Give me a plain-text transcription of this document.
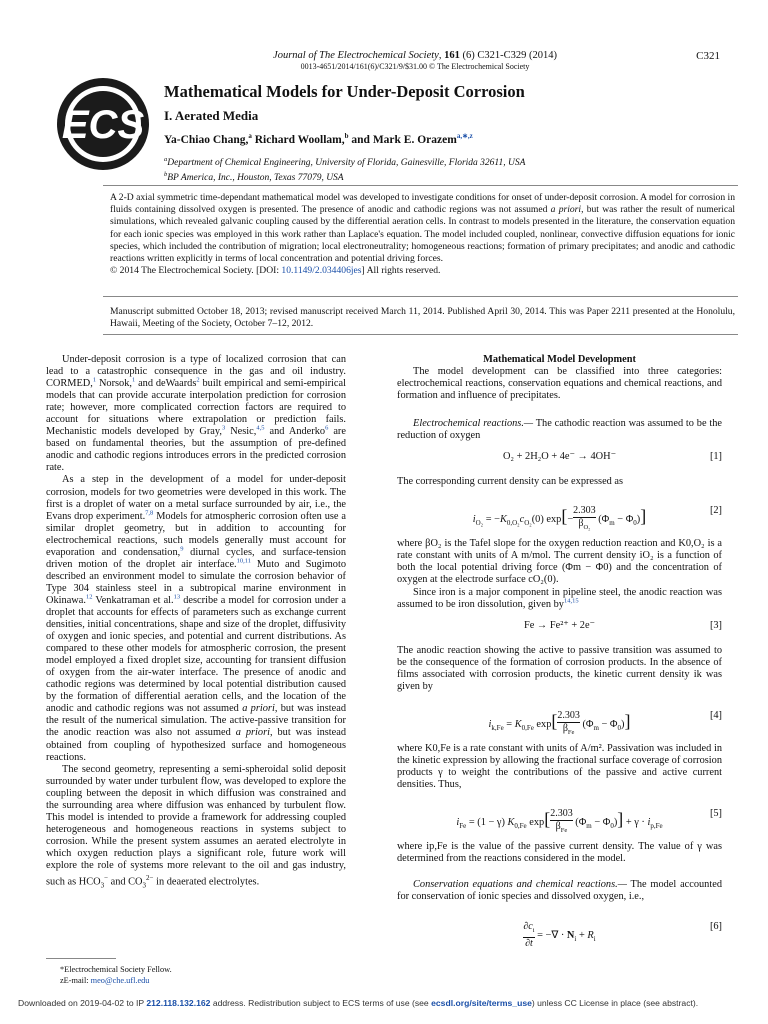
Journal of The Electrochemical Society, 161 (6) C321-C329 (2014)
0013-4651/2014/161(6)/C321/9/$31.00 © The Electrochemical Society
C321
ECS
Mathematical Models for Under-Deposit Corrosion
I. Aerated Media
Ya-Chiao Chang,$^a$ Richard Woollam,$^b$ and Mark E. Orazem$^{a,∗,z}$
$^a$Department of Chemical Engineering, University of Florida, Gainesville, Florida 32611, USA
$^b$BP America, Inc., Houston, Texas 77079, USA
A 2-D axial symmetric time-dependant mathematical model was developed to investigate conditions for onset of under-deposit corrosion. A model for corrosion in fluids containing dissolved oxygen is presented. The presence of anodic and cathodic regions was not assumed a priori, but was rather the result of numerical simulations, which revealed galvanic coupling caused by the differential aeration cells. In contrast to models presented in the literature, the conservation equation for each ionic species was employed in this work rather than Laplace's equation. The model included coupled, nonlinear, convective diffusion equations for ionic species, which included the contribution of migration; local electroneutrality; homogeneous reactions; formation of primary precipitates; and anodic and cathodic reactions written explicitly in terms of local concentration and potential driving forces.
© 2014 The Electrochemical Society. [DOI: 10.1149/2.034406jes] All rights reserved.
Manuscript submitted October 18, 2013; revised manuscript received March 11, 2014. Published April 30, 2014. This was Paper 2211 presented at the Honolulu, Hawaii, Meeting of the Society, October 7–12, 2012.

Under-deposit corrosion is a type of localized corrosion that can lead to a catastrophic consequence in the gas and oil industry. CORMED,$^1$ Norsok,$^1$ and deWaards$^2$ built empirical and semi-empirical models that can provide accurate interpolation prediction for corrosion rate; however, more complicated correction factors are required to account for situations where extrapolation or prediction fails. Mechanistic models developed by Gray,$^3$ Nesic,$^{4,5}$ and Anderko$^6$ are based on fundamental theories, but the assumption of pre-defined anodic and cathodic regions introduces errors in the predicted corrosion rate.

As a step in the development of a model for under-deposit corrosion, models for two geometries were developed in this work. The first is a droplet of water on a metal surface surrounded by air, i.e., the Evans drop experiment.$^{7,8}$ Models for atmospheric corrosion often use a similar droplet geometry, but in addition to accounting for electrochemical reactions, such models generally must account for evaporation and condensation,$^9$ diurnal cycles, and surface-tension driven motion of the droplet air interface.$^{10,11}$ Muto and Sugimoto described an environment model to simulate the corrosion behavior of Type 304 stainless steel in a subtropical marine environment in Okinawa.$^{12}$ Venkatraman et al.$^{13}$ describe a model for corrosion under a droplet that accounts for effects of parameters such as exchange current densities, initial concentrations, shape and size of the droplet, diffusivity of oxygen and ionic species, and potential and current distributions. As compared to these other models for atmospheric corrosion, the present model employed a fixed droplet size, accounting for transient diffusion of oxygen from the air-water interface. The presence of anodic and cathodic regions was determined by local potential distribution caused by the formation of differential aeration cells, and the location of the anodic and cathodic regions was not assumed a priori, but was instead the result of the numerical simulation. The active-passive transition for the anodic reaction was also not assumed a priori, but was instead obtained from coupling of hypothesized surface and homogeneous reactions.

The second geometry, representing a semi-spheroidal solid deposit surrounded by water under turbulent flow, was developed to explore the coupling between the deposit in which diffusion was constrained and the surrounding area where diffusion was enhanced by turbulent flow. This model is intended to provide a framework for addressing coupled heterogeneous and homogeneous reactions in systems subject to corrosion. While the present system assumes an aerated electrolyte in which oxygen reduction plays a significant role, future work will explore the role of systems more relevant to the oil and gas industry, such as $HCO_3^-$ and $CO_3^{2-}$ in deaerated electrolytes.

Mathematical Model Development

The model development can be classified into three categories: electrochemical reactions, conservation equations and chemical reactions, and formation and influence of precipitates.

Electrochemical reactions.— The cathodic reaction was assumed to be the reduction of oxygen

O₂ + 2H₂O + 4e⁻ → 4OH⁻	[1]

The corresponding current density can be expressed as

$i_{O_2} = -K_{0,O_2}c_{O_2}(0)$ $\exp[- \frac{2.303}{\beta_{O_2}} (\Phi_m - \Phi_0)]$	[2]

where βO₂ is the Tafel slope for the oxygen reduction reaction and K0,O₂ is a rate constant with units of A m/mol. The current density iO₂ is a function of both the local potential driving force (Φm − Φ0) and the concentration of oxygen at the electrode surface cO₂(0).

Since iron is a major component in pipeline steel, the anodic reaction was assumed to be iron dissolution, given by$^{14,15}$

Fe → Fe²⁺ + 2e⁻	[3]

The anodic reaction showing the active to passive transition was assumed to be the consequence of the formation of corrosion products. In the absence of films associated with corrosion products, the kinetic current density ik was given by

$i_{k,Fe} = K_{0,Fe}$ exp[ 2.303
$\beta_{Fe}$
$(\Phi_m - \Phi_0)$]	[4]

where K0,Fe is a rate constant with units of A/m². Passivation was included in the kinetic expression by allowing the fractional surface coverage of corrosion products γ to weight the contributions of the passive and active current densities. Thus,

$i_{Fe} = (1 - \gamma)$ $K_{0,Fe}$ exp[ 2.303
$\beta_{Fe}$
$(\Phi_m - \Phi_0)] + \gamma \cdot i_{p,Fe}$
[5]

where ip,Fe is the value of the passive current density. The value of γ was determined from the reactions considered in the model.

Conservation equations and chemical reactions.— The model accounted for conservation of ionic species and dissolved oxygen, i.e.,

$\frac{\partial c_i}{\partial t}$ = −∇ · $N_i + R_i$
[6]
*Electrochemical Society Fellow.
zE-mail: meo@che.ufl.edu
Downloaded on 2019-04-02 to IP 212.118.132.162 address. Redistribution subject to ECS terms of use (see ecsdl.org/site/terms_use) unless CC License in place (see abstract).
